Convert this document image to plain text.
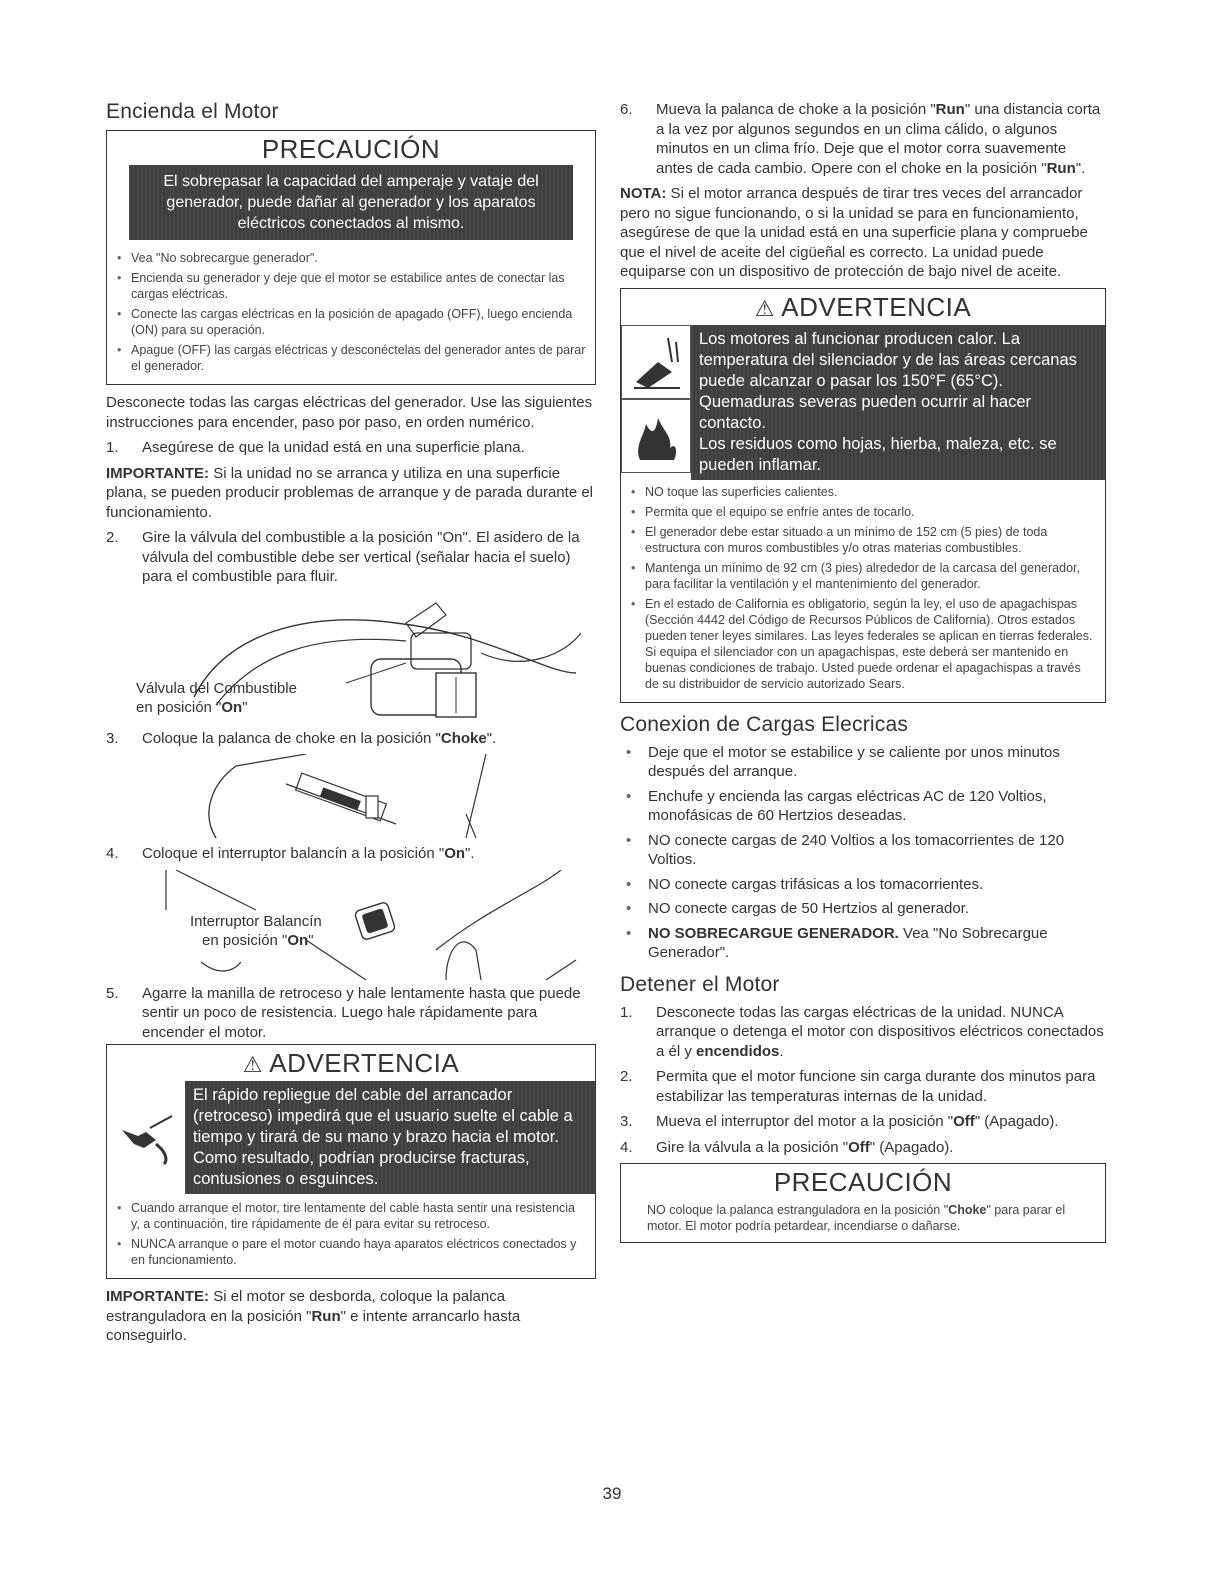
Encienda el Motor
PRECAUCIÓN
El sobrepasar la capacidad del amperaje y vataje del generador, puede dañar al generador y los aparatos eléctricos conectados al mismo.
• Vea "No sobrecargue generador".
• Encienda su generador y deje que el motor se estabilice antes de conectar las cargas eléctricas.
• Conecte las cargas eléctricas en la posición de apagado (OFF), luego encienda (ON) para su operación.
• Apague (OFF) las cargas eléctricas y desconéctelas del generador antes de parar el generador.

Desconecte todas las cargas eléctricas del generador. Use las siguientes instrucciones para encender, paso por paso, en orden numérico.

1.	Asegúrese de que la unidad está en una superficie plana.

IMPORTANTE: Si la unidad no se arranca y utiliza en una superficie plana, se pueden producir problemas de arranque y de parada durante el funcionamiento.

2.	Gire la válvula del combustible a la posición "On". El asidero de la válvula del combustible debe ser vertical (señalar hacia el suelo) para el combustible para fluir.
Válvula del Combustible
en posición "On"
3.	Coloque la palanca de choke en la posición "Choke".
4.	Coloque el interruptor balancín a la posición "On".
Interruptor Balancín
en posición "On"
5.	Agarre la manilla de retroceso y hale lentamente hasta que puede sentir un poco de resistencia. Luego hale rápidamente para encender el motor.
⚠ ADVERTENCIA
El rápido repliegue del cable del arrancador
(retroceso) impedirá que el usuario suelte el cable a
tiempo y tirará de su mano y brazo hacia el motor.
Como resultado, podrían producirse fracturas,
contusiones o esguinces.
• Cuando arranque el motor, tire lentamente del cable hasta sentir una resistencia y, a continuación, tire rápidamente de él para evitar su retroceso.
• NUNCA arranque o pare el motor cuando haya aparatos eléctricos conectados y en funcionamiento.

IMPORTANTE: Si el motor se desborda, coloque la palanca estranguladora en la posición "Run" e intente arrancarlo hasta conseguirlo.

6.	Mueva la palanca de choke a la posición "Run" una distancia corta a la vez por algunos segundos en un clima cálido, o algunos minutos en un clima frío. Deje que el motor corra suavemente antes de cada cambio. Opere con el choke en la posición "Run".

NOTA: Si el motor arranca después de tirar tres veces del arrancador pero no sigue funcionando, o si la unidad se para en funcionamiento, asegúrese de que la unidad está en una superficie plana y compruebe que el nivel de aceite del cigüeñal es correcto. La unidad puede equiparse con un dispositivo de protección de bajo nivel de aceite.

⚠ ADVERTENCIA
Los motores al funcionar producen calor. La
temperatura del silenciador y de las áreas cercanas
puede alcanzar o pasar los 150°F (65°C).
Quemaduras severas pueden ocurrir al hacer
contacto.
Los residuos como hojas, hierba, maleza, etc. se
pueden inflamar.
• NO toque las superficies calientes.
• Permita que el equipo se enfríe antes de tocarlo.
• El generador debe estar situado a un mínimo de 152 cm (5 pies) de toda estructura con muros combustibles y/o otras materias combustibles.
• Mantenga un mínimo de 92 cm (3 pies) alrededor de la carcasa del generador, para facilitar la ventilación y el mantenimiento del generador.
• En el estado de California es obligatorio, según la ley, el uso de apagachispas (Sección 4442 del Código de Recursos Públicos de California). Otros estados pueden tener leyes similares. Las leyes federales se aplican en tierras federales. Si equipa el silenciador con un apagachispas, este deberá ser mantenido en buenas condiciones de trabajo. Usted puede ordenar el apagachispas a través de su distribuidor de servicio autorizado Sears.
Conexion de Cargas Elecricas
• Deje que el motor se estabilice y se caliente por unos minutos después del arranque.
• Enchufe y encienda las cargas eléctricas AC de 120 Voltios, monofásicas de 60 Hertzios deseadas.
• NO conecte cargas de 240 Voltios a los tomacorrientes de 120 Voltios.
• NO conecte cargas trifásicas a los tomacorrientes.
• NO conecte cargas de 50 Hertzios al generador.
• NO SOBRECARGUE GENERADOR. Vea "No Sobrecargue Generador".
Detener el Motor
1.	Desconecte todas las cargas eléctricas de la unidad. NUNCA arranque o detenga el motor con dispositivos eléctricos conectados a él y encendidos.
2.	Permita que el motor funcione sin carga durante dos minutos para estabilizar las temperaturas internas de la unidad.
3.	Mueva el interruptor del motor a la posición "Off" (Apagado).
4.	Gire la válvula a la posición "Off" (Apagado).
PRECAUCIÓN

NO coloque la palanca estranguladora en la posición "Choke" para parar el motor. El motor podría petardear, incendiarse o dañarse.

39
